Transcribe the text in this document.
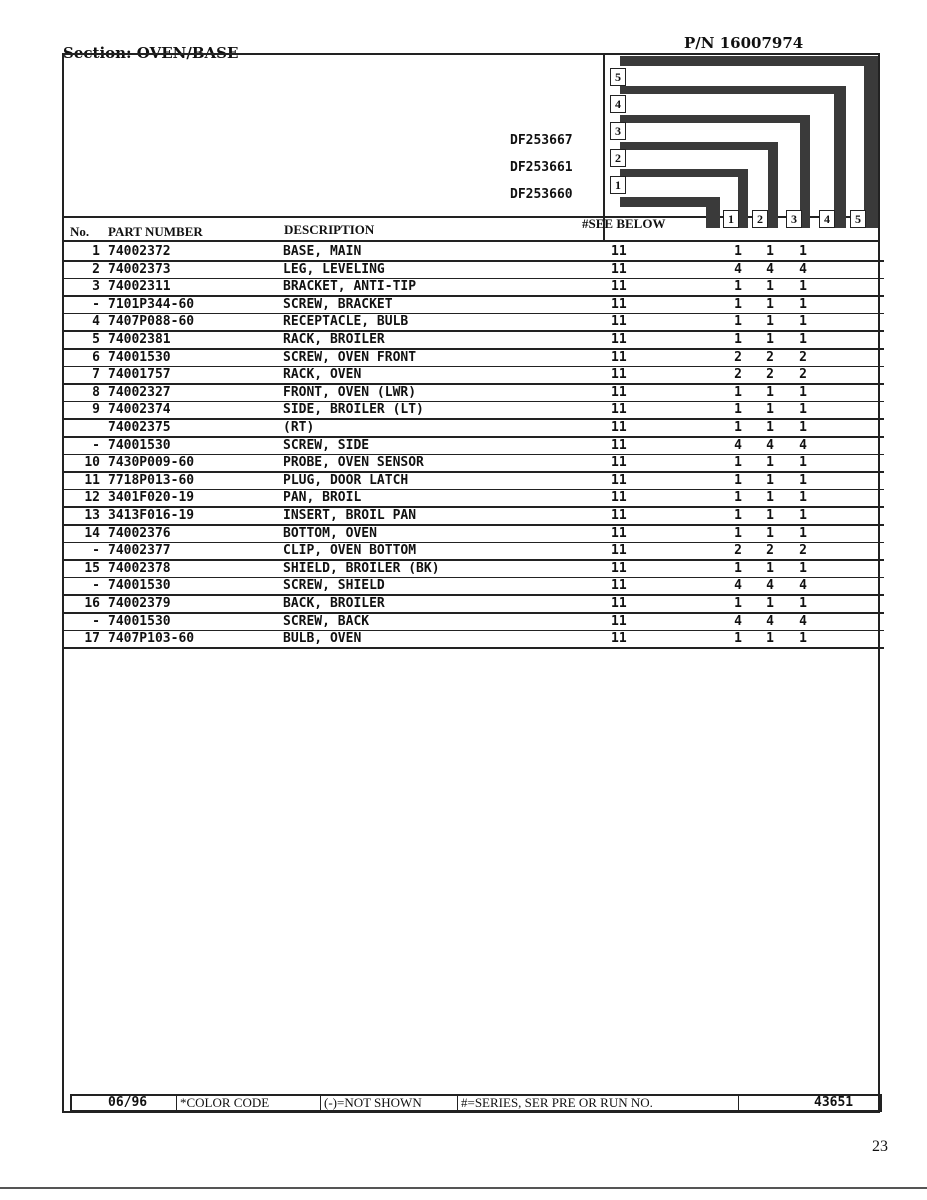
Section: OVEN/BASE
P/N 16007974
5
4
3
2
1
DF253667
DF253661
DF253660
No. PART NUMBER	DESCRIPTION	#SEE BELOW	1	2	3	4	5
1 74002372	BASE, MAIN	11	1 1 1
2 74002373	LEG, LEVELING	11	4 4 4
3 74002311	BRACKET, ANTI-TIP	11	1 1 1
- 7101P344-60	SCREW, BRACKET	11	1 1 1
4 7407P088-60	RECEPTACLE, BULB	11	1 1 1
5 74002381	RACK, BROILER	11	1 1 1
6 74001530	SCREW, OVEN FRONT	11	2 2 2
7 74001757	RACK, OVEN	11	2 2 2
8 74002327	FRONT, OVEN (LWR)	11	1 1 1
9 74002374	SIDE, BROILER (LT)	11	1 1 1
74002375	(RT)	11	1 1 1
- 74001530	SCREW, SIDE	11	4 4 4
10 7430P009-60	PROBE, OVEN SENSOR	11	1 1 1
11 7718P013-60	PLUG, DOOR LATCH	11	1 1 1
12 3401F020-19	PAN, BROIL	11	1 1 1
13 3413F016-19	INSERT, BROIL PAN	11	1 1 1
14 74002376	BOTTOM, OVEN	11	1 1 1
- 74002377	CLIP, OVEN BOTTOM	11	2 2 2
15 74002378	SHIELD, BROILER (BK)	11	1 1 1
- 74001530	SCREW, SHIELD	11	4 4 4
16 74002379	BACK, BROILER	11	1 1 1
- 74001530	SCREW, BACK	11	4 4 4
17 7407P103-60	BULB, OVEN	11	1 1 1
06/96	*COLOR CODE	(-)=NOT SHOWN	#=SERIES, SER PRE OR RUN NO.	43651
23
